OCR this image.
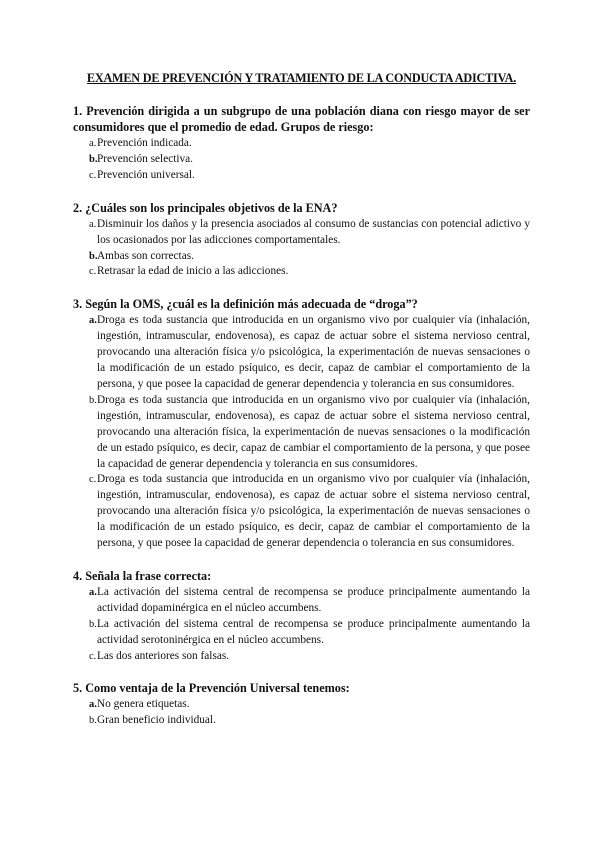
EXAMEN DE PREVENCIÓN Y TRATAMIENTO DE LA CONDUCTA ADICTIVA.

1. Prevención dirigida a un subgrupo de una población diana con riesgo mayor de ser consumidores que el promedio de edad. Grupos de riesgo:

a. Prevención indicada.
b. Prevención selectiva.
c. Prevención universal.

2. ¿Cuáles son los principales objetivos de la ENA?

a. Disminuir los daños y la presencia asociados al consumo de sustancias con potencial adictivo y los ocasionados por las adicciones comportamentales.
b. Ambas son correctas.
c. Retrasar la edad de inicio a las adicciones.

3. Según la OMS, ¿cuál es la definición más adecuada de “droga”?

a. Droga es toda sustancia que introducida en un organismo vivo por cualquier vía (inhalación, ingestión, intramuscular, endovenosa), es capaz de actuar sobre el sistema nervioso central, provocando una alteración física y/o psicológica, la experimentación de nuevas sensaciones o la modificación de un estado psíquico, es decir, capaz de cambiar el comportamiento de la persona, y que posee la capacidad de generar dependencia y tolerancia en sus consumidores.
b. Droga es toda sustancia que introducida en un organismo vivo por cualquier vía (inhalación, ingestión, intramuscular, endovenosa), es capaz de actuar sobre el sistema nervioso central, provocando una alteración física, la experimentación de nuevas sensaciones o la modificación de un estado psíquico, es decir, capaz de cambiar el comportamiento de la persona, y que posee la capacidad de generar dependencia y tolerancia en sus consumidores.
c. Droga es toda sustancia que introducida en un organismo vivo por cualquier vía (inhalación, ingestión, intramuscular, endovenosa), es capaz de actuar sobre el sistema nervioso central, provocando una alteración física y/o psicológica, la experimentación de nuevas sensaciones o la modificación de un estado psíquico, es decir, capaz de cambiar el comportamiento de la persona, y que posee la capacidad de generar dependencia o tolerancia en sus consumidores.

4. Señala la frase correcta:

a. La activación del sistema central de recompensa se produce principalmente aumentando la actividad dopaminérgica en el núcleo accumbens.
b. La activación del sistema central de recompensa se produce principalmente aumentando la actividad serotoninérgica en el núcleo accumbens.
c. Las dos anteriores son falsas.

5. Como ventaja de la Prevención Universal tenemos:

a. No genera etiquetas.
b. Gran beneficio individual.
